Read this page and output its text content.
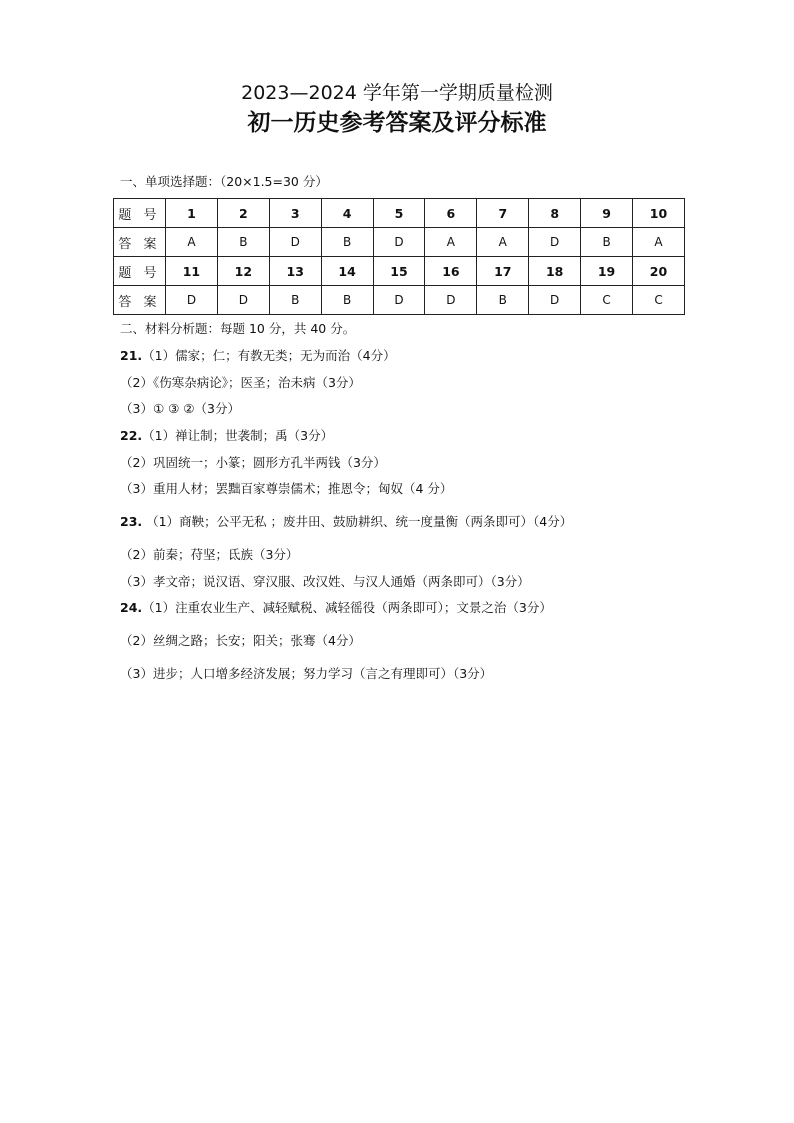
2023—2024 学年第一学期质量检测
初一历史参考答案及评分标准
一、单项选择题：（20×1.5=30 分）
题 号	1	2	3	4	5	6	7	8	9	10
答 案	A	B	D	B	D	A	A	D	B	A
题 号	11	12	13	14	15	16	17	18	19	20
答 案	D	D	B	B	D	D	B	D	C	C
二、材料分析题：每题 10 分，共 40 分。
21.（1）儒家；仁；有教无类；无为而治（4分）
（2）《伤寒杂病论》；医圣；治未病（3分）
（3）① ③ ②（3分）
22.（1）禅让制；世袭制；禹（3分）
（2）巩固统一；小篆；圆形方孔半两钱（3分）
（3）重用人材；罢黜百家尊崇儒术；推恩令；匈奴（4 分）
23. （1）商鞅；公平无私 ；废井田、鼓励耕织、统一度量衡（两条即可）（4分）
（2）前秦；苻坚；氐族（3分）
（3）孝文帝；说汉语、穿汉服、改汉姓、与汉人通婚（两条即可）（3分）
24.（1）注重农业生产、减轻赋税、减轻徭役（两条即可）；文景之治（3分）
（2）丝绸之路；长安；阳关；张骞（4分）
（3）进步；人口增多经济发展；努力学习（言之有理即可）（3分）
